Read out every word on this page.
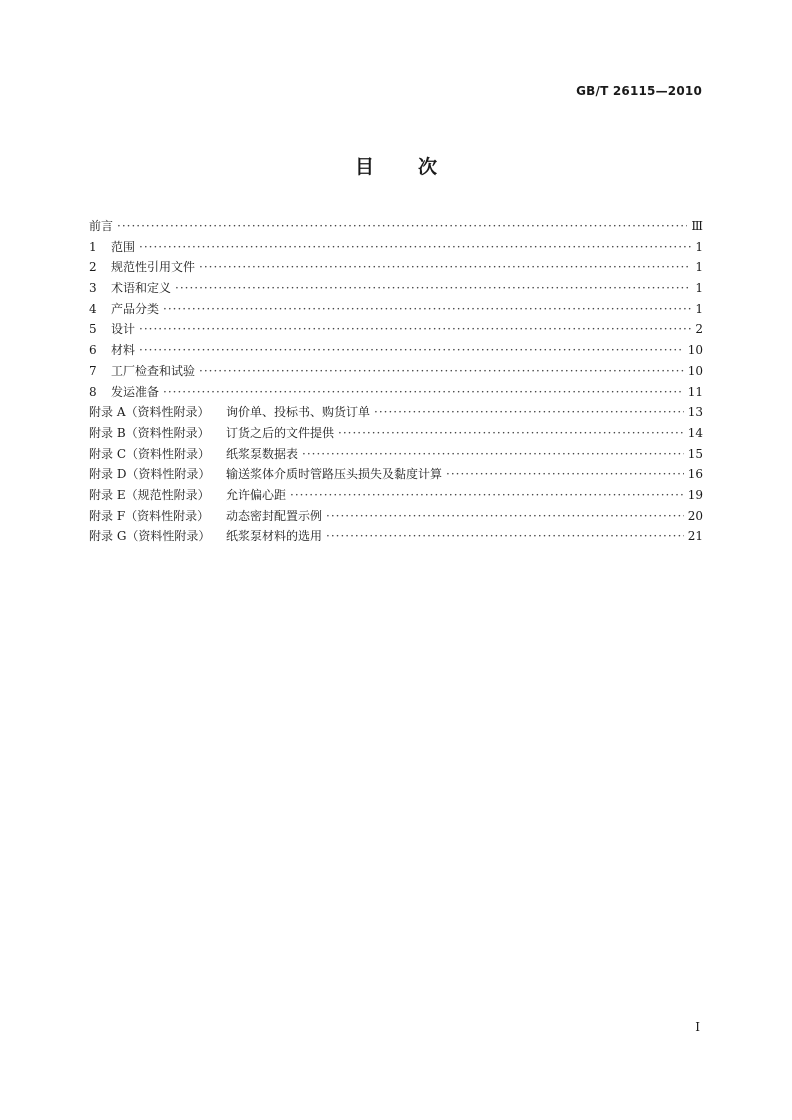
GB/T 26115—2010
目 次
前言 ·····	Ⅲ
1 范围 ·····	1
2 规范性引用文件 ·····	1
3 术语和定义 ·····	1
4 产品分类 ·····	1
5 设计 ·····	2
6 材料 ·····	10
7 工厂检查和试验 ·····	10
8 发运准备 ·····	11
附录 A（资料性附录） 询价单、投标书、购货订单 ·····	13
附录 B（资料性附录） 订货之后的文件提供 ·····	14
附录 C（资料性附录） 纸浆泵数据表 ·····	15
附录 D（资料性附录） 输送浆体介质时管路压头损失及黏度计算 ·····	16
附录 E（规范性附录） 允许偏心距 ·····	19
附录 F（资料性附录） 动态密封配置示例 ·····	20
附录 G（资料性附录） 纸浆泵材料的选用 ·····	21
I
